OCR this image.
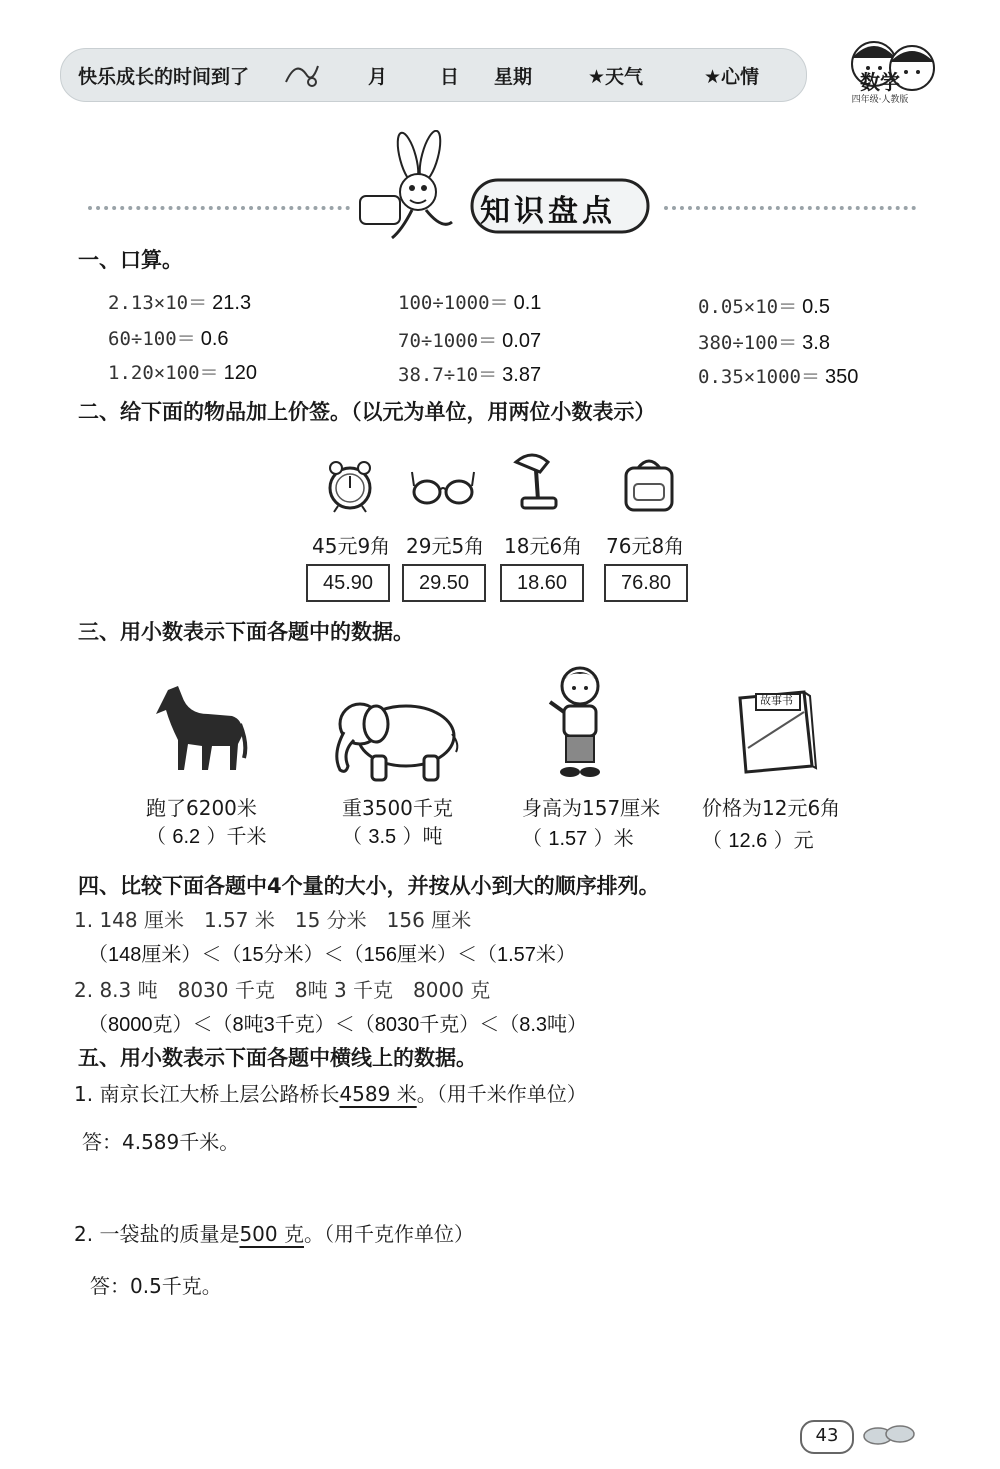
快乐成长的时间到了	月	日 星期	★天气	★心情	数学
四年级·人教版
知识盘点
一、口算。
2.13×10＝ 21.3	100÷1000＝ 0.1	0.05×10＝ 0.5
60÷100＝ 0.6	70÷1000＝ 0.07	380÷100＝ 3.8
1.20×100＝ 120	38.7÷10＝ 3.87	0.35×1000＝ 350
二、给下面的物品加上价签。（以元为单位，用两位小数表示）
45元9角 29元5角 18元6角 76元8角
45.90	29.50	18.60	76.80
三、用小数表示下面各题中的数据。
故事书
跑了6200米	重3500千克	身高为157厘米 价格为12元6角
（ 6.2 ）千米	（ 3.5 ）吨	（ 1.57 ）米	（ 12.6 ）元
四、比较下面各题中4个量的大小，并按从小到大的顺序排列。
1. 148 厘米　1.57 米　15 分米　156 厘米
（148厘米）＜（15分米）＜（156厘米）＜（1.57米）
2. 8.3 吨　8030 千克　8吨 3 千克　8000 克
（8000克）＜（8吨3千克）＜（8030千克）＜（8.3吨）
五、用小数表示下面各题中横线上的数据。
1. 南京长江大桥上层公路桥长4589 米。（用千米作单位）
答：4.589千米。
2. 一袋盐的质量是500 克。（用千克作单位）
答：0.5千克。
43
